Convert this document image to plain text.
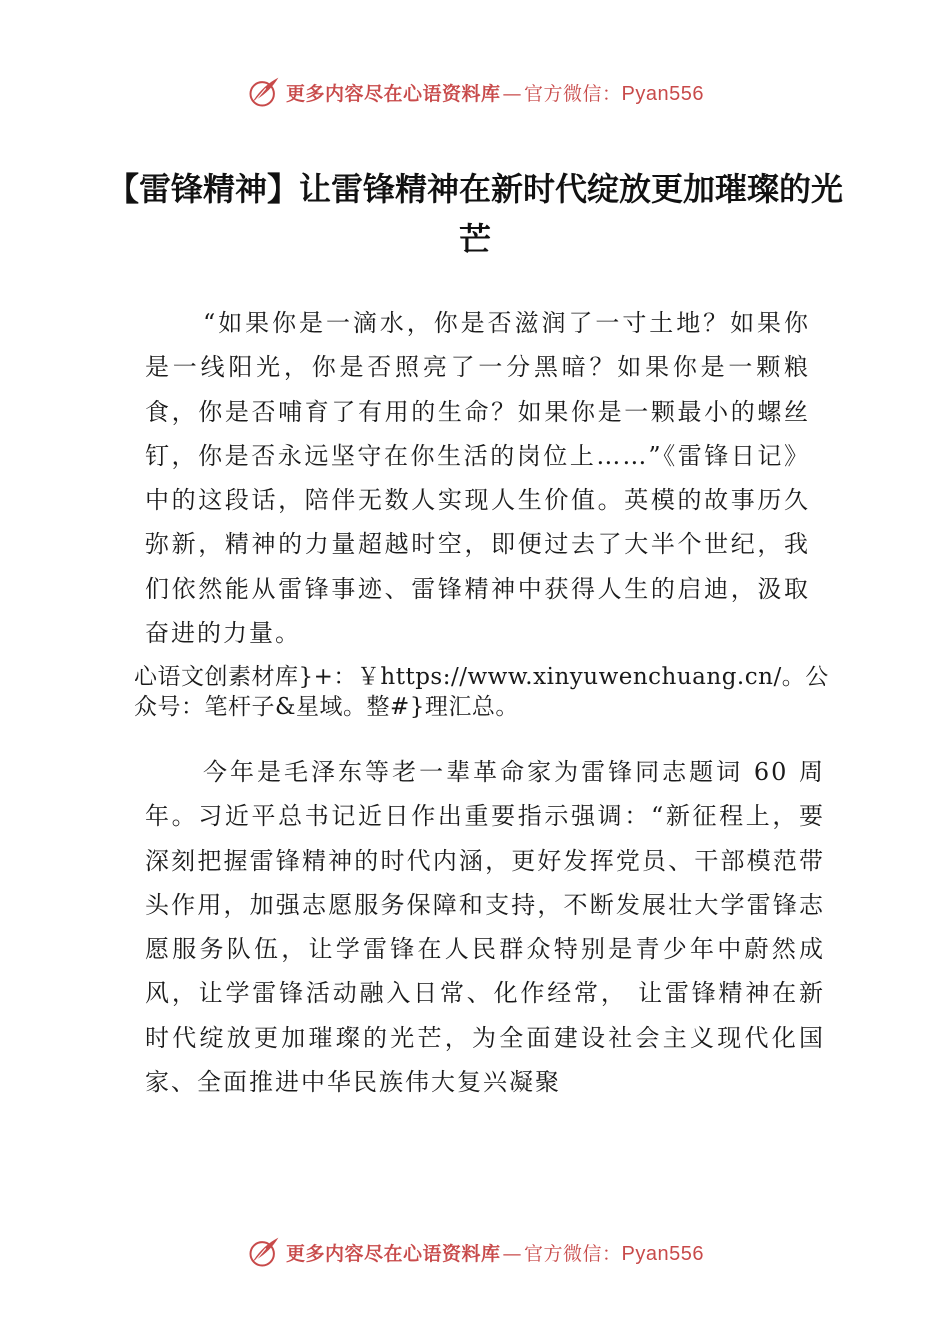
更多内容尽在心语资料库 — 官方微信：Pyan556
【雷锋精神】让雷锋精神在新时代绽放更加璀璨的光芒

“如果你是一滴水，你是否滋润了一寸土地？如果你是一线阳光，你是否照亮了一分黑暗？如果你是一颗粮食，你是否哺育了有用的生命？如果你是一颗最小的螺丝钉，你是否永远坚守在你生活的岗位上……”《雷锋日记》中的这段话，陪伴无数人实现人生价值。英模的故事历久弥新，精神的力量超越时空，即便过去了大半个世纪，我们依然能从雷锋事迹、雷锋精神中获得人生的启迪，汲取奋进的力量。

心语文创素材库}+：￥https://www.xinyuwenchuang.cn/。公众号：笔杆子&星域。整#}理汇总。

今年是毛泽东等老一辈革命家为雷锋同志题词 60 周年。习近平总书记近日作出重要指示强调：“新征程上，要深刻把握雷锋精神的时代内涵，更好发挥党员、干部模范带头作用，加强志愿服务保障和支持，不断发展壮大学雷锋志愿服务队伍，让学雷锋在人民群众特别是青少年中蔚然成风，让学雷锋活动融入日常、化作经常， 让雷锋精神在新时代绽放更加璀璨的光芒，为全面建设社会主义现代化国家、全面推进中华民族伟大复兴凝聚

更多内容尽在心语资料库 — 官方微信：Pyan556
